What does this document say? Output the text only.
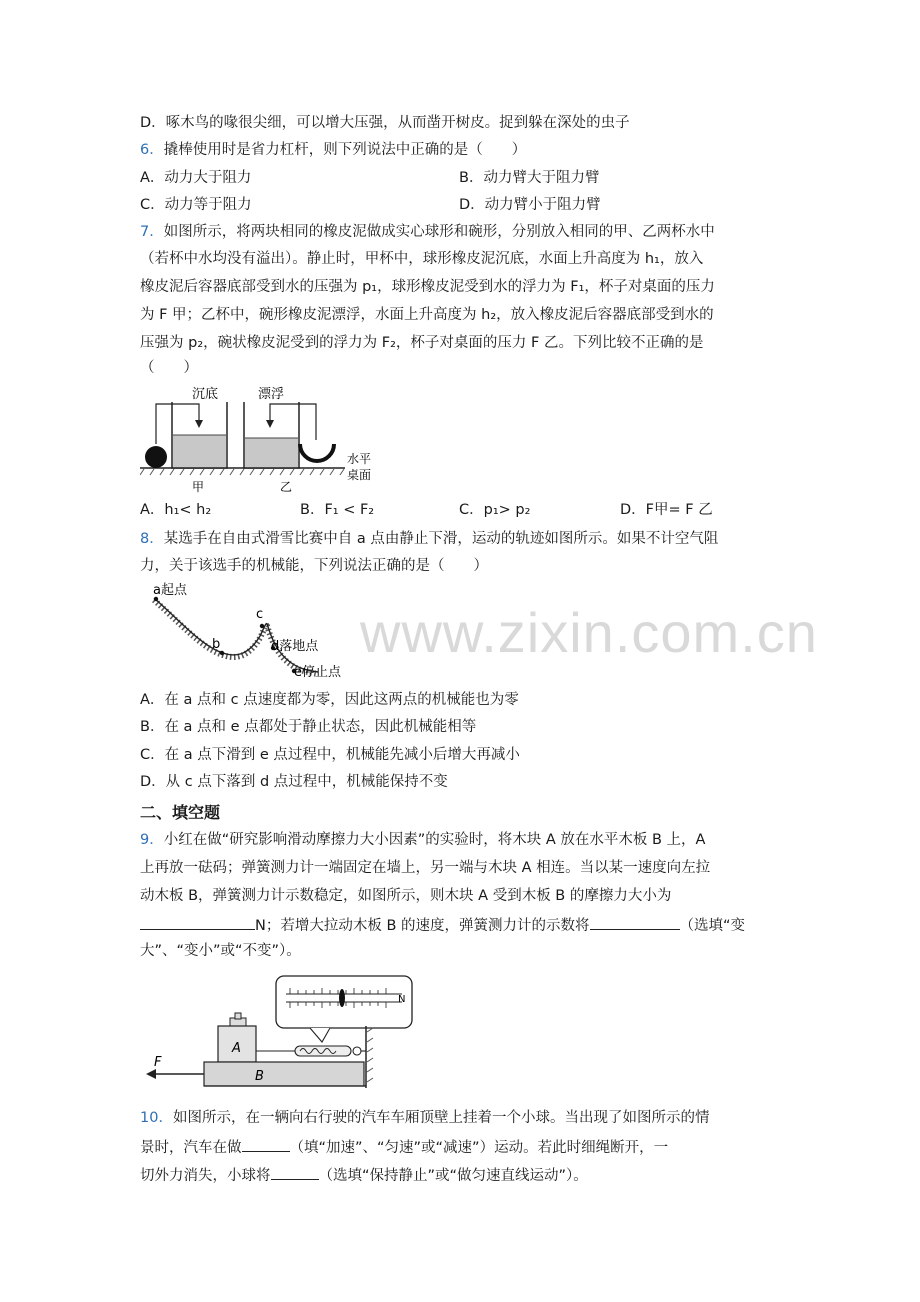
www.zixin.com.cn
D．啄木鸟的喙很尖细，可以增大压强，从而凿开树皮。捉到躲在深处的虫子
6．撬棒使用时是省力杠杆，则下列说法中正确的是（　　）
A．动力大于阻力	B．动力臂大于阻力臂
C．动力等于阻力	D．动力臂小于阻力臂
7．如图所示，将两块相同的橡皮泥做成实心球形和碗形，分别放入相同的甲、乙两杯水中
（若杯中水均没有溢出）。静止时，甲杯中，球形橡皮泥沉底，水面上升高度为 h₁，放入
橡皮泥后容器底部受到水的压强为 p₁，球形橡皮泥受到水的浮力为 F₁，杯子对桌面的压力
为 F 甲；乙杯中，碗形橡皮泥漂浮，水面上升高度为 h₂，放入橡皮泥后容器底部受到水的
压强为 p₂，碗状橡皮泥受到的浮力为 F₂，杯子对桌面的压力 F 乙。下列比较不正确的是
（　　）
沉底
甲
漂浮
乙
水平
桌面
A．h₁< h₂	B．F₁ < F₂	C．p₁> p₂	D．F甲= F 乙
8．某选手在自由式滑雪比赛中自 a 点由静止下滑，运动的轨迹如图所示。如果不计空气阻
力，关于该选手的机械能，下列说法正确的是（　　）
a起点
b
c
d落地点
e停止点
A．在 a 点和 c 点速度都为零，因此这两点的机械能也为零
B．在 a 点和 e 点都处于静止状态，因此机械能相等
C．在 a 点下滑到 e 点过程中，机械能先减小后增大再减小
D．从 c 点下落到 d 点过程中，机械能保持不变
二、填空题
9．小红在做“研究影响滑动摩擦力大小因素”的实验时，将木块 A 放在水平木板 B 上，A
上再放一砝码；弹簧测力计一端固定在墙上，另一端与木块 A 相连。当以某一速度向左拉
动木板 B，弹簧测力计示数稳定，如图所示，则木块 A 受到木板 B 的摩擦力大小为
N；若增大拉动木板 B 的速度，弹簧测力计的示数将	（选填“变
大”、“变小”或“不变”）。
N
A
B
F
10．如图所示，在一辆向右行驶的汽车车厢顶壁上挂着一个小球。当出现了如图所示的情
景时，汽车在做	（填“加速”、“匀速”或“减速”）运动。若此时细绳断开，一
切外力消失，小球将	（选填“保持静止”或“做匀速直线运动”）。
